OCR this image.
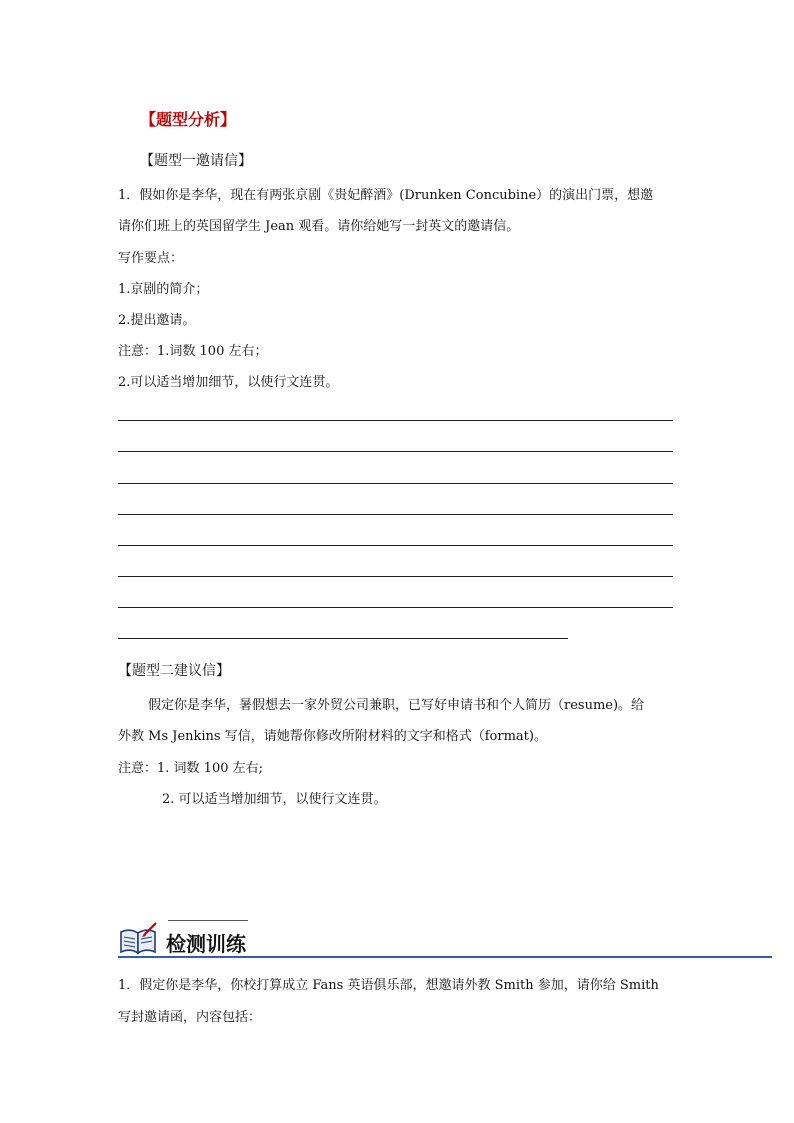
【题型分析】
【题型一邀请信】
1．假如你是李华，现在有两张京剧《贵妃醉酒》(Drunken Concubine）的演出门票，想邀
请你们班上的英国留学生 Jean 观看。请你给她写一封英文的邀请信。
写作要点：
1.京剧的简介；
2.提出邀请。
注意：1.词数 100 左右；
2.可以适当增加细节，以使行文连贯。
【题型二建议信】
假定你是李华，暑假想去一家外贸公司兼职，已写好申请书和个人简历（resume)。给
外教 Ms Jenkins 写信，请她帮你修改所附材料的文字和格式（format)。
注意：1. 词数 100 左右;
2. 可以适当增加细节，以使行文连贯。
检测训练
1．假定你是李华，你校打算成立 Fans 英语俱乐部，想邀请外教 Smith 参加，请你给 Smith
写封邀请函，内容包括：
